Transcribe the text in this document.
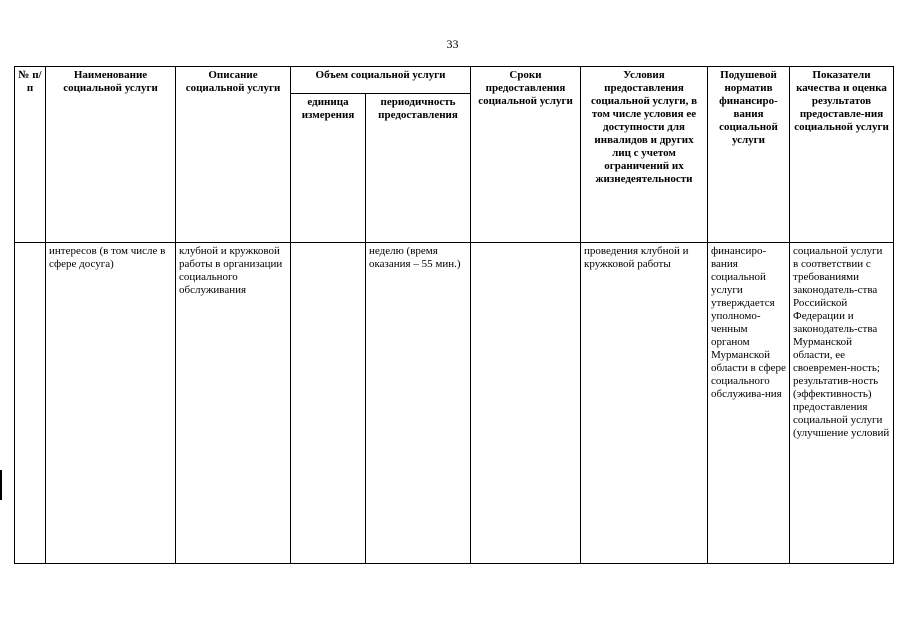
33
№ п/п	Наименование социальной услуги	Описание социальной услуги	Объем социальной услуги		Сроки предоставления социальной услуги	Условия предоставления социальной услуги, в том числе условия ее доступности для инвалидов и других лиц с учетом ограничений их жизнедеятельности	Подушевой норматив финансиро-вания социальной услуги	Показатели качества и оценка результатов предоставле-ния социальной услуги
			единица измерения	периодичность предоставления				
	интересов (в том числе в сфере досуга)	клубной и кружковой работы в организации социального обслуживания		неделю (время оказания – 55 мин.)		проведения клубной и кружковой работы	финансиро-вания социальной услуги утверждается уполномо-ченным органом Мурманской области в сфере социального обслужива-ния	социальной услуги в соответствии с требованиями законодатель-ства Российской Федерации и законодатель-ства Мурманской области, ее своевремен-ность; результатив-ность (эффективность) предоставления социальной услуги (улучшение условий
